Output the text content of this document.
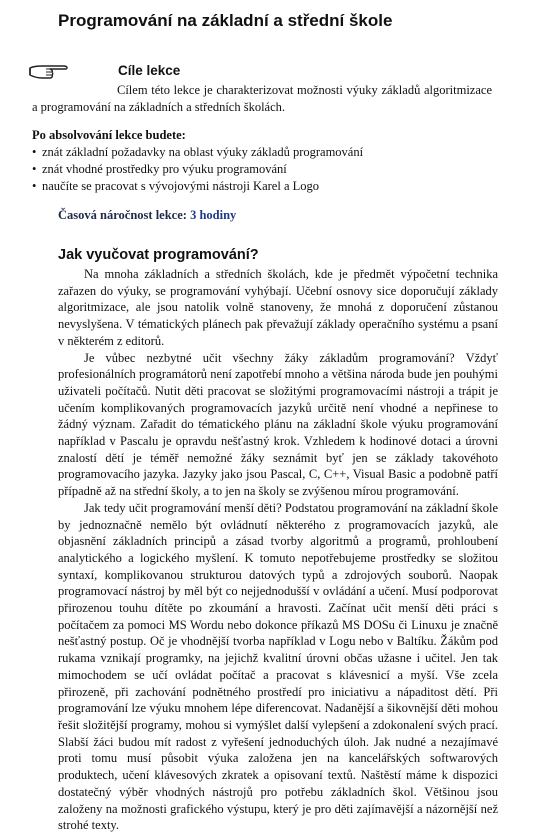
Programování na základní a střední škole
Cíle lekce
Cílem této lekce je charakterizovat možnosti výuky základů algoritmizace a programování na základních a středních školách.
Po absolvování lekce budete:
• znát základní požadavky na oblast výuky základů programování
• znát vhodné prostředky pro výuku programování
• naučíte se pracovat s vývojovými nástroji Karel a Logo
Časová náročnost lekce: 3 hodiny
Jak vyučovat programování?

Na mnoha základních a středních školách, kde je předmět výpočetní technika zařazen do výuky, se programování vyhýbají. Učební osnovy sice doporučují základy algoritmizace, ale jsou natolik volně stanoveny, že mnohá z doporučení zůstanou nevyslyšena. V tématických plánech pak převažují základy operačního systému a psaní v některém z editorů.

Je vůbec nezbytné učit všechny žáky základům programování? Vždyť profesionálních programátorů není zapotřebí mnoho a většina národa bude jen pouhými uživateli počítačů. Nutit děti pracovat se složitými programovacími nástroji a trápit je učením komplikovaných programovacích jazyků určitě není vhodné a nepřinese to žádný význam. Zařadit do tématického plánu na základní škole výuku programování například v Pascalu je opravdu nešťastný krok. Vzhledem k hodinové dotaci a úrovni znalostí dětí je téměř nemožné žáky seznámit byť jen se základy takovéhoto programovacího jazyka. Jazyky jako jsou Pascal, C, C++, Visual Basic a podobně patří případně až na střední školy, a to jen na školy se zvýšenou mírou programování.

Jak tedy učit programování menší děti? Podstatou programování na základní škole by jednoznačně nemělo být ovládnutí některého z programovacích jazyků, ale objasnění základních principů a zásad tvorby algoritmů a programů, prohloubení analytického a logického myšlení. K tomuto nepotřebujeme prostředky se složitou syntaxí, komplikovanou strukturou datových typů a zdrojových souborů. Naopak programovací nástroj by měl být co nejjednodušší v ovládání a učení. Musí podporovat přirozenou touhu dítěte po zkoumání a hravosti. Začínat učit menší děti práci s počítačem za pomoci MS Wordu nebo dokonce příkazů MS DOSu či Linuxu je značně nešťastný postup. Oč je vhodnější tvorba například v Logu nebo v Baltíku. Žákům pod rukama vznikají programky, na jejichž kvalitní úrovni občas užasne i učitel. Jen tak mimochodem se učí ovládat počítač a pracovat s klávesnicí a myší. Vše zcela přirozeně, při zachování podnětného prostředí pro iniciativu a nápaditost dětí. Při programování lze výuku mnohem lépe diferencovat. Nadanější a šikovnější děti mohou řešit složitější programy, mohou si vymýšlet další vylepšení a zdokonalení svých prací. Slabší žáci budou mít radost z vyřešení jednoduchých úloh. Jak nudné a nezajímavé proti tomu musí působit výuka založena jen na kancelářských softwarových produktech, učení klávesových zkratek a opisovaní textů. Naštěstí máme k dispozici dostatečný výběr vhodných nástrojů pro potřebu základních škol. Většinou jsou založeny na možnosti grafického výstupu, který je pro děti zajímavější a názornější než strohé texty.
